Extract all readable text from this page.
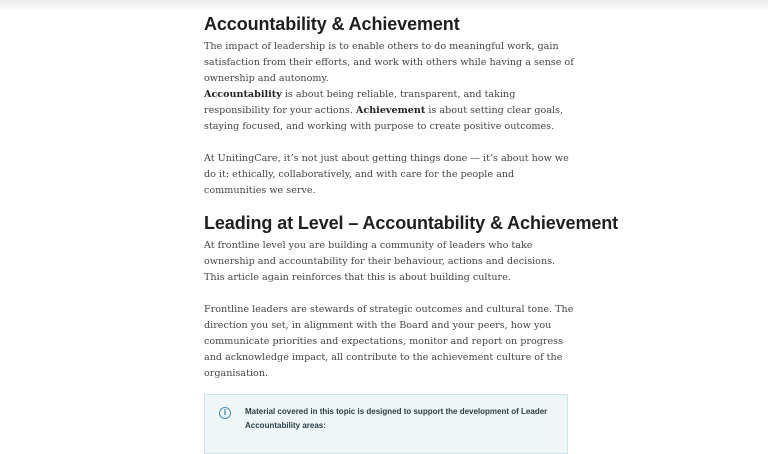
Accountability & Achievement

The impact of leadership is to enable others to do meaningful work, gain satisfaction from their efforts, and work with others while having a sense of ownership and autonomy.

Accountability is about being reliable, transparent, and taking responsibility for your actions. Achievement is about setting clear goals, staying focused, and working with purpose to create positive outcomes.

At UnitingCare, it’s not just about getting things done — it’s about how we do it: ethically, collaboratively, and with care for the people and communities we serve.

Leading at Level – Accountability & Achievement

At frontline level you are building a community of leaders who take ownership and accountability for their behaviour, actions and decisions. This article again reinforces that this is about building culture.

Frontline leaders are stewards of strategic outcomes and cultural tone. The direction you set, in alignment with the Board and your peers, how you communicate priorities and expectations, monitor and report on progress and acknowledge impact, all contribute to the achievement culture of the organisation.

i	Material covered in this topic is designed to support the development of Leader Accountability areas:
